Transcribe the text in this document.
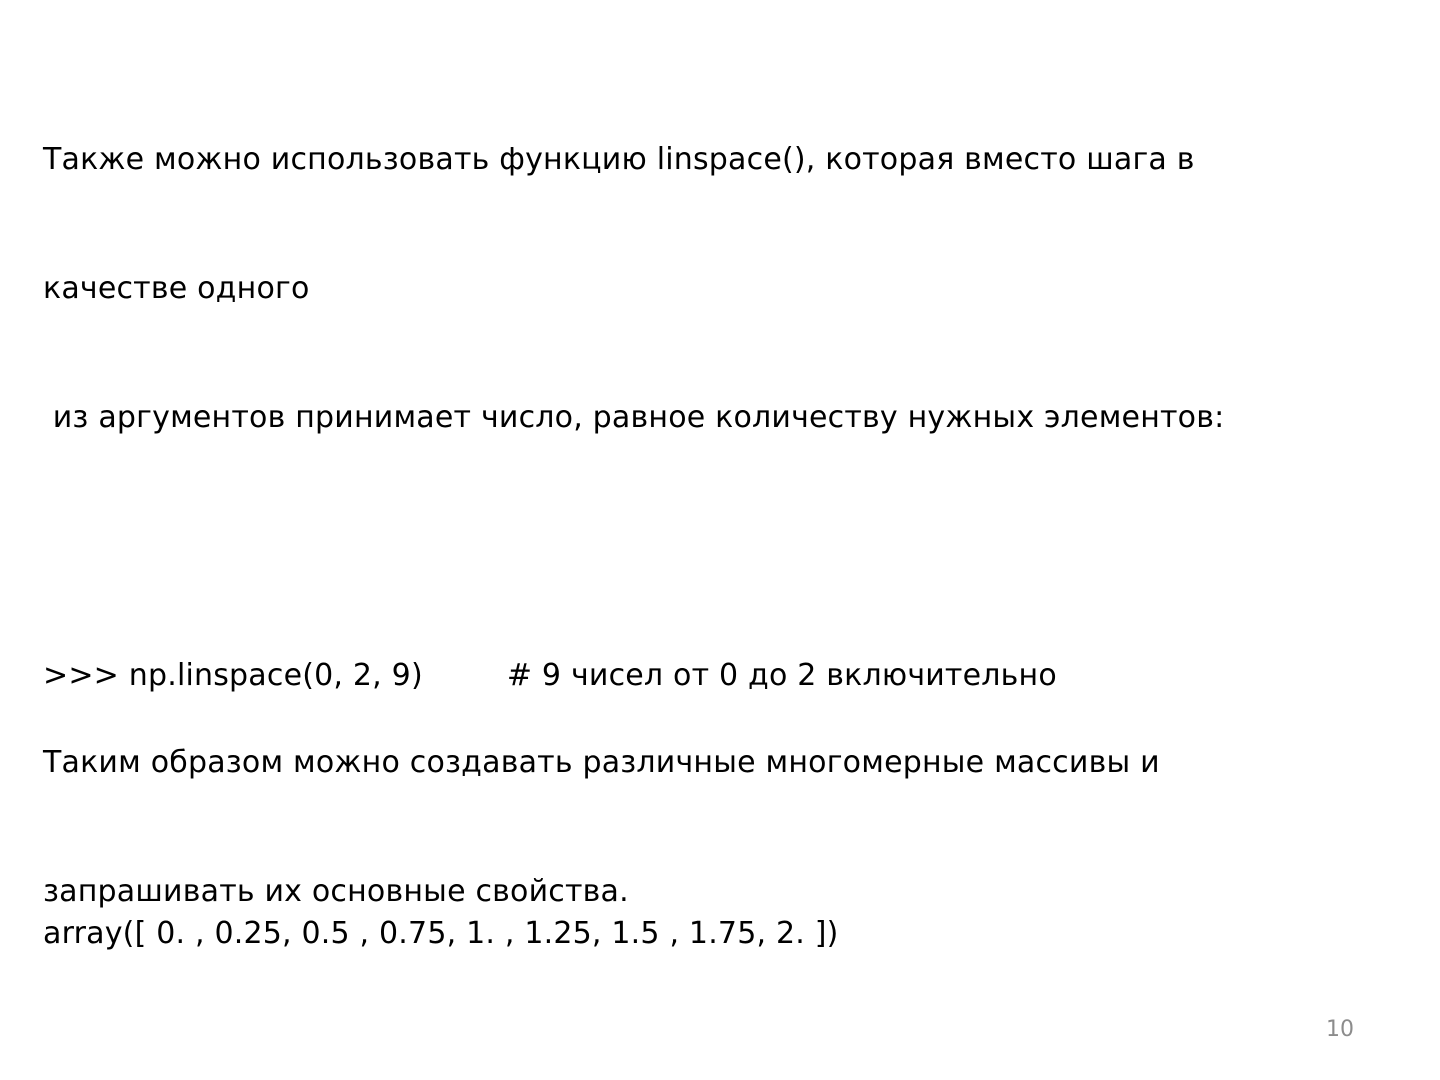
Также можно использовать функцию linspace(), которая вместо шага в

качестве одного

из аргументов принимает число, равное количеству нужных элементов:

>>> np.linspace(0, 2, 9)	# 9 чисел от 0 до 2 включительно

array([ 0. , 0.25, 0.5 , 0.75, 1. , 1.25, 1.5 , 1.75, 2. ])

Таким образом можно создавать различные многомерные массивы и

запрашивать их основные свойства.

10
